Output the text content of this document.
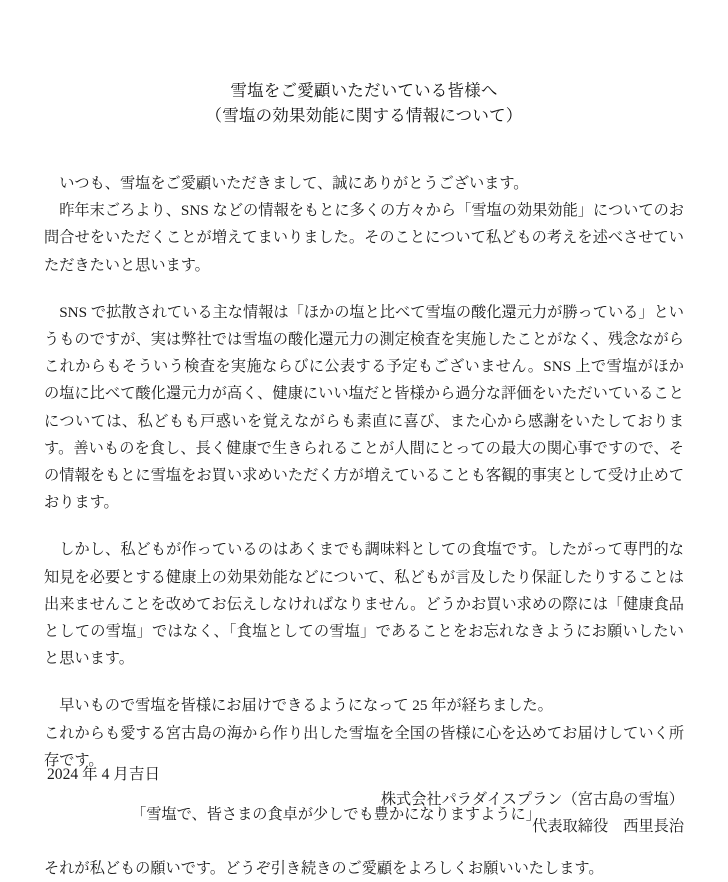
雪塩をご愛顧いただいている皆様へ
（雪塩の効果効能に関する情報について）

いつも、雪塩をご愛顧いただきまして、誠にありがとうございます。

昨年末ごろより、SNS などの情報をもとに多くの方々から「雪塩の効果効能」についてのお問合せをいただくことが増えてまいりました。そのことについて私どもの考えを述べさせていただきたいと思います。

SNS で拡散されている主な情報は「ほかの塩と比べて雪塩の酸化還元力が勝っている」というものですが、実は弊社では雪塩の酸化還元力の測定検査を実施したことがなく、残念ながらこれからもそういう検査を実施ならびに公表する予定もございません。SNS 上で雪塩がほかの塩に比べて酸化還元力が高く、健康にいい塩だと皆様から過分な評価をいただいていることについては、私どもも戸惑いを覚えながらも素直に喜び、また心から感謝をいたしております。善いものを食し、長く健康で生きられることが人間にとっての最大の関心事ですので、その情報をもとに雪塩をお買い求めいただく方が増えていることも客観的事実として受け止めております。

しかし、私どもが作っているのはあくまでも調味料としての食塩です。したがって専門的な知見を必要とする健康上の効果効能などについて、私どもが言及したり保証したりすることは出来ませんことを改めてお伝えしなければなりません。どうかお買い求めの際には「健康食品としての雪塩」ではなく、「食塩としての雪塩」であることをお忘れなきようにお願いしたいと思います。

早いもので雪塩を皆様にお届けできるようになって 25 年が経ちました。

これからも愛する宮古島の海から作り出した雪塩を全国の皆様に心を込めてお届けしていく所存です。

「雪塩で、皆さまの食卓が少しでも豊かになりますように」

それが私どもの願いです。どうぞ引き続きのご愛顧をよろしくお願いいたします。

2024 年 4 月吉日
株式会社パラダイスプラン（宮古島の雪塩）
代表取締役　西里長治
